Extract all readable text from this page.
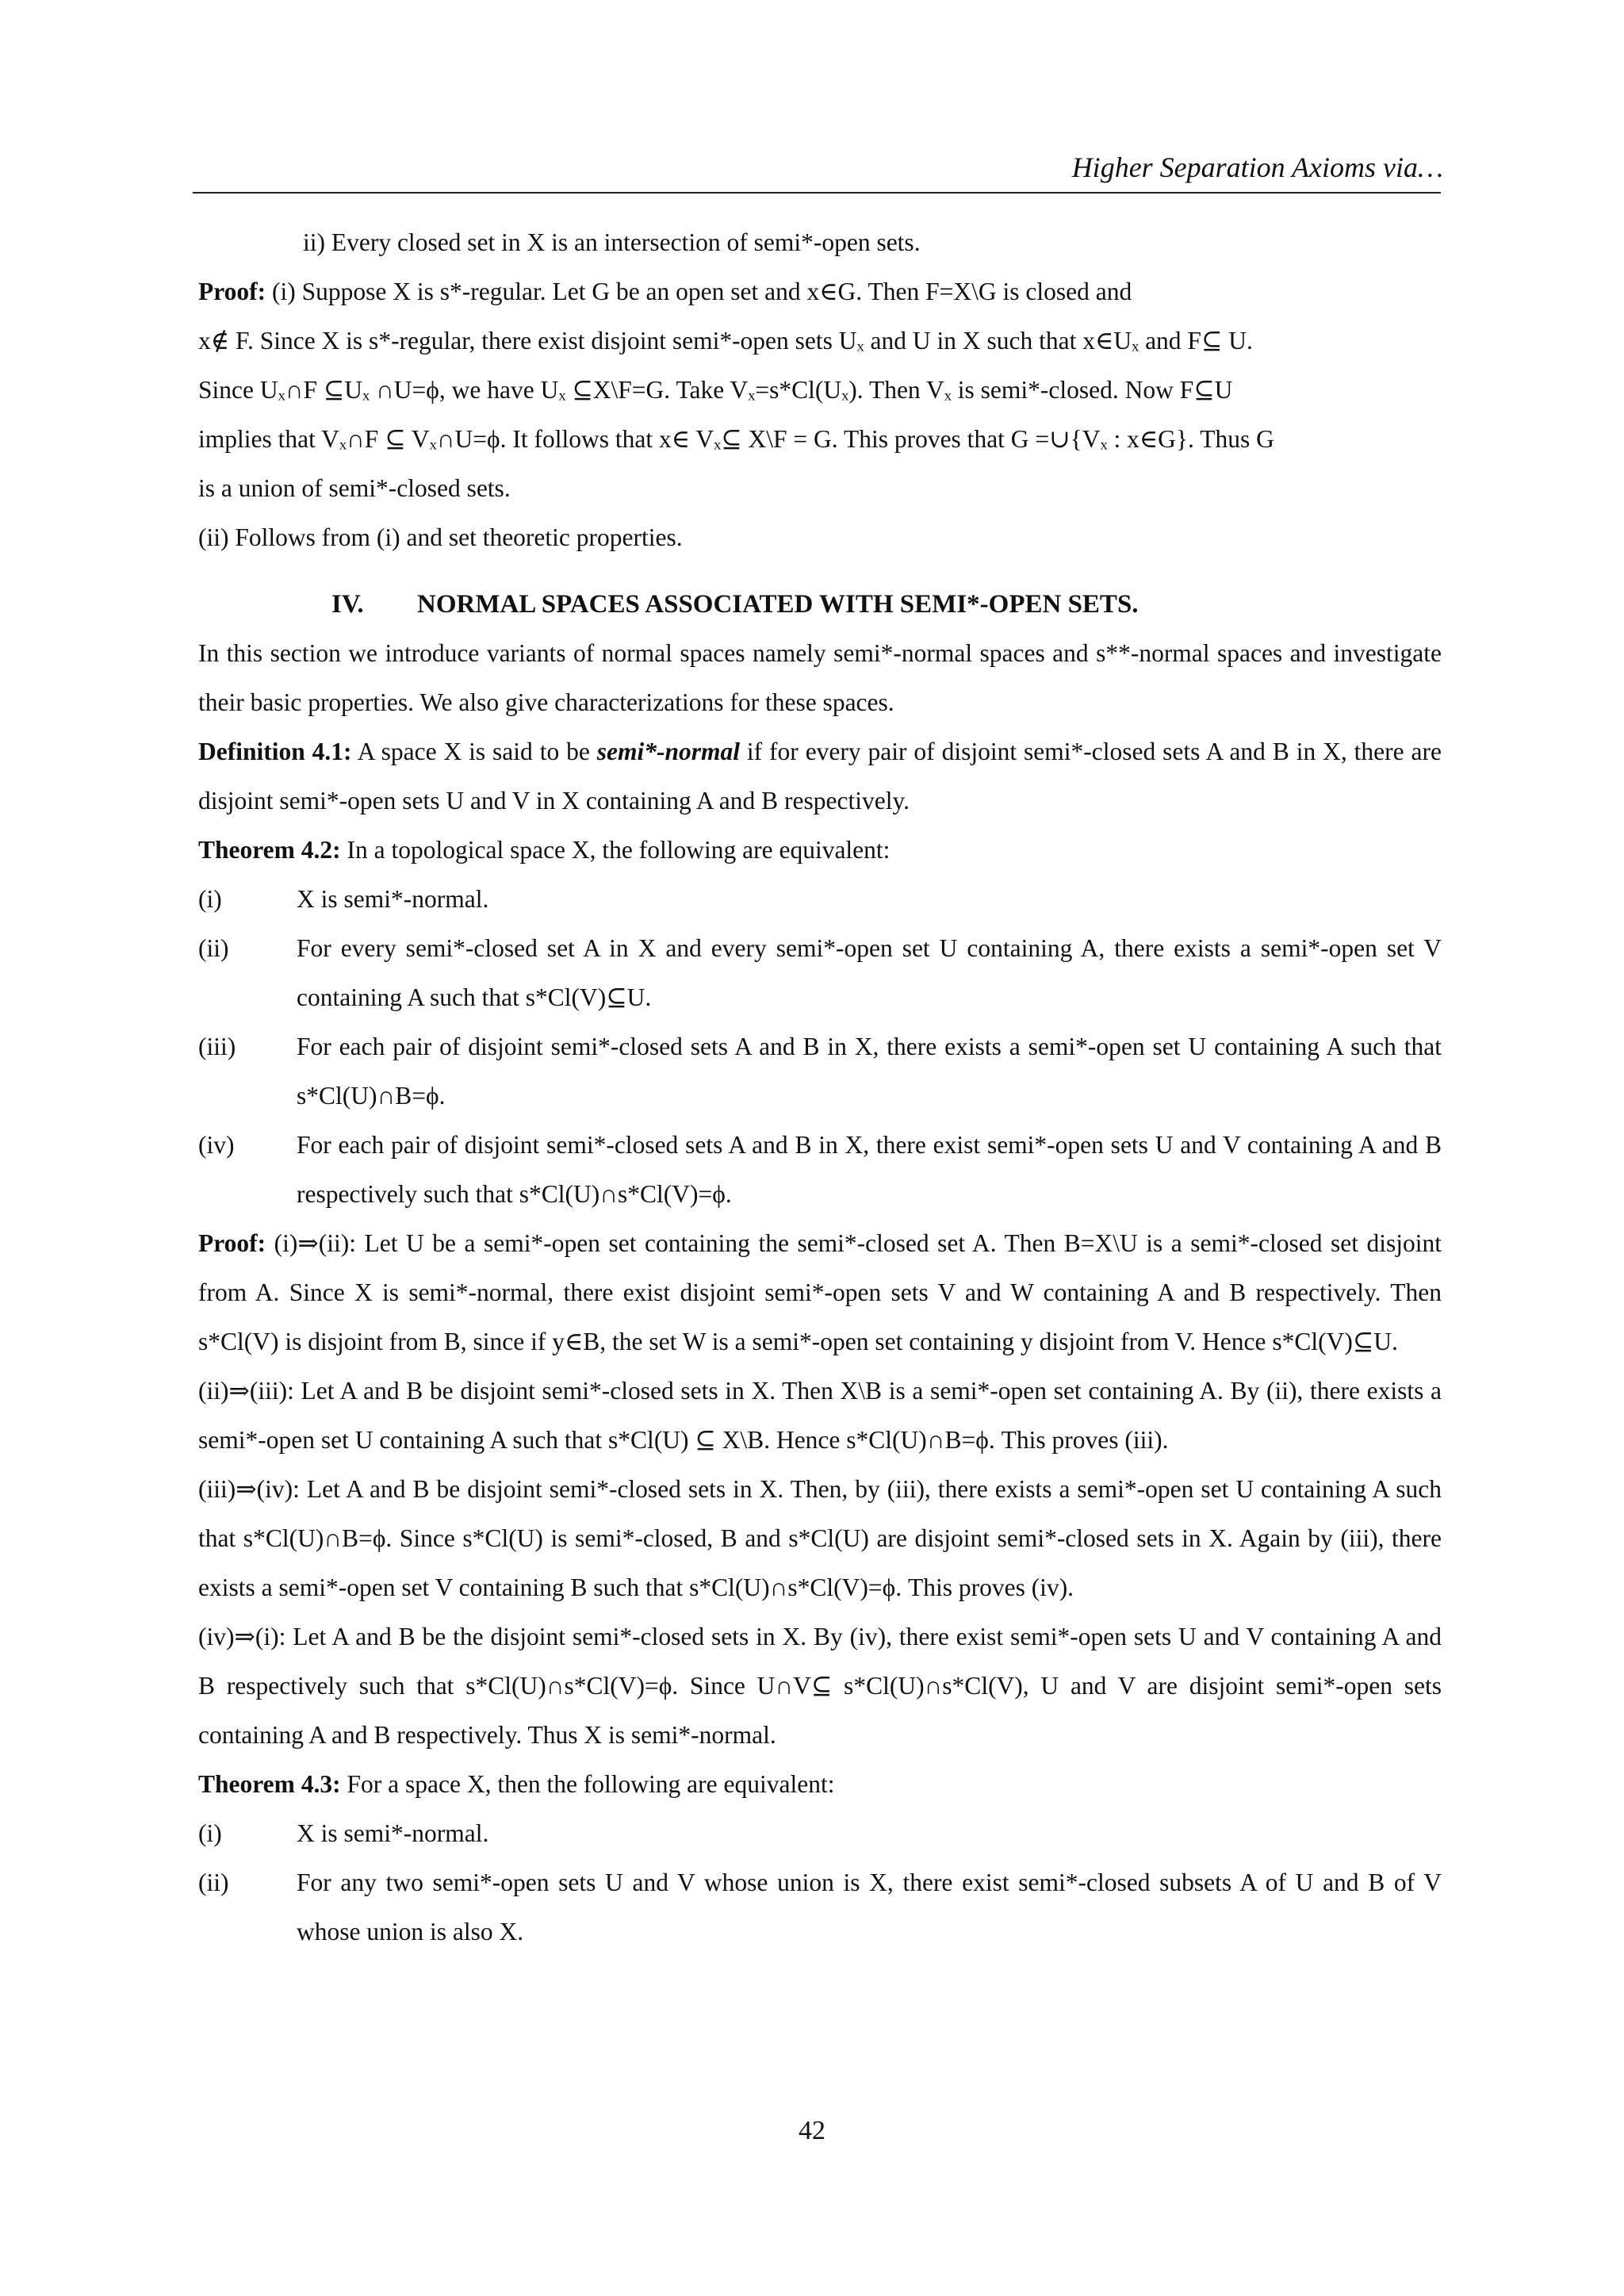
Higher Separation Axioms via…

ii) Every closed set in X is an intersection of semi*-open sets.

Proof: (i) Suppose X is s*-regular. Let G be an open set and x∈G. Then F=X\G is closed and

x∉ F. Since X is s*-regular, there exist disjoint semi*-open sets Uₓ and U in X such that x∈Uₓ and F⊆ U.

Since Uₓ∩F ⊆Uₓ ∩U=ϕ, we have Uₓ ⊆X\F=G. Take Vₓ=s*Cl(Uₓ). Then Vₓ is semi*-closed. Now F⊆U

implies that Vₓ∩F ⊆ Vₓ∩U=ϕ. It follows that x∈ Vₓ⊆ X\F = G. This proves that G =∪{Vₓ : x∈G}. Thus G

is a union of semi*-closed sets.

(ii) Follows from (i) and set theoretic properties.

IV. NORMAL SPACES ASSOCIATED WITH SEMI*-OPEN SETS.

In this section we introduce variants of normal spaces namely semi*-normal spaces and s**-normal spaces and investigate their basic properties. We also give characterizations for these spaces.

Definition 4.1: A space X is said to be semi*-normal if for every pair of disjoint semi*-closed sets A and B in X, there are disjoint semi*-open sets U and V in X containing A and B respectively.

Theorem 4.2: In a topological space X, the following are equivalent:

(i)	X is semi*-normal.
(ii)	For every semi*-closed set A in X and every semi*-open set U containing A, there exists a semi*-open set V containing A such that s*Cl(V)⊆U.
(iii)	For each pair of disjoint semi*-closed sets A and B in X, there exists a semi*-open set U containing A such that s*Cl(U)∩B=ϕ.
(iv)	For each pair of disjoint semi*-closed sets A and B in X, there exist semi*-open sets U and V containing A and B respectively such that s*Cl(U)∩s*Cl(V)=ϕ.

Proof: (i)⇒(ii): Let U be a semi*-open set containing the semi*-closed set A. Then B=X\U is a semi*-closed set disjoint from A. Since X is semi*-normal, there exist disjoint semi*-open sets V and W containing A and B respectively. Then s*Cl(V) is disjoint from B, since if y∈B, the set W is a semi*-open set containing y disjoint from V. Hence s*Cl(V)⊆U.

(ii)⇒(iii): Let A and B be disjoint semi*-closed sets in X. Then X\B is a semi*-open set containing A. By (ii), there exists a semi*-open set U containing A such that s*Cl(U) ⊆ X\B. Hence s*Cl(U)∩B=ϕ. This proves (iii).

(iii)⇒(iv): Let A and B be disjoint semi*-closed sets in X. Then, by (iii), there exists a semi*-open set U containing A such that s*Cl(U)∩B=ϕ. Since s*Cl(U) is semi*-closed, B and s*Cl(U) are disjoint semi*-closed sets in X. Again by (iii), there exists a semi*-open set V containing B such that s*Cl(U)∩s*Cl(V)=ϕ. This proves (iv).

(iv)⇒(i): Let A and B be the disjoint semi*-closed sets in X. By (iv), there exist semi*-open sets U and V containing A and B respectively such that s*Cl(U)∩s*Cl(V)=ϕ. Since U∩V⊆ s*Cl(U)∩s*Cl(V), U and V are disjoint semi*-open sets containing A and B respectively. Thus X is semi*-normal.

Theorem 4.3: For a space X, then the following are equivalent:

(i)	X is semi*-normal.
(ii)	For any two semi*-open sets U and V whose union is X, there exist semi*-closed subsets A of U and B of V whose union is also X.
42
